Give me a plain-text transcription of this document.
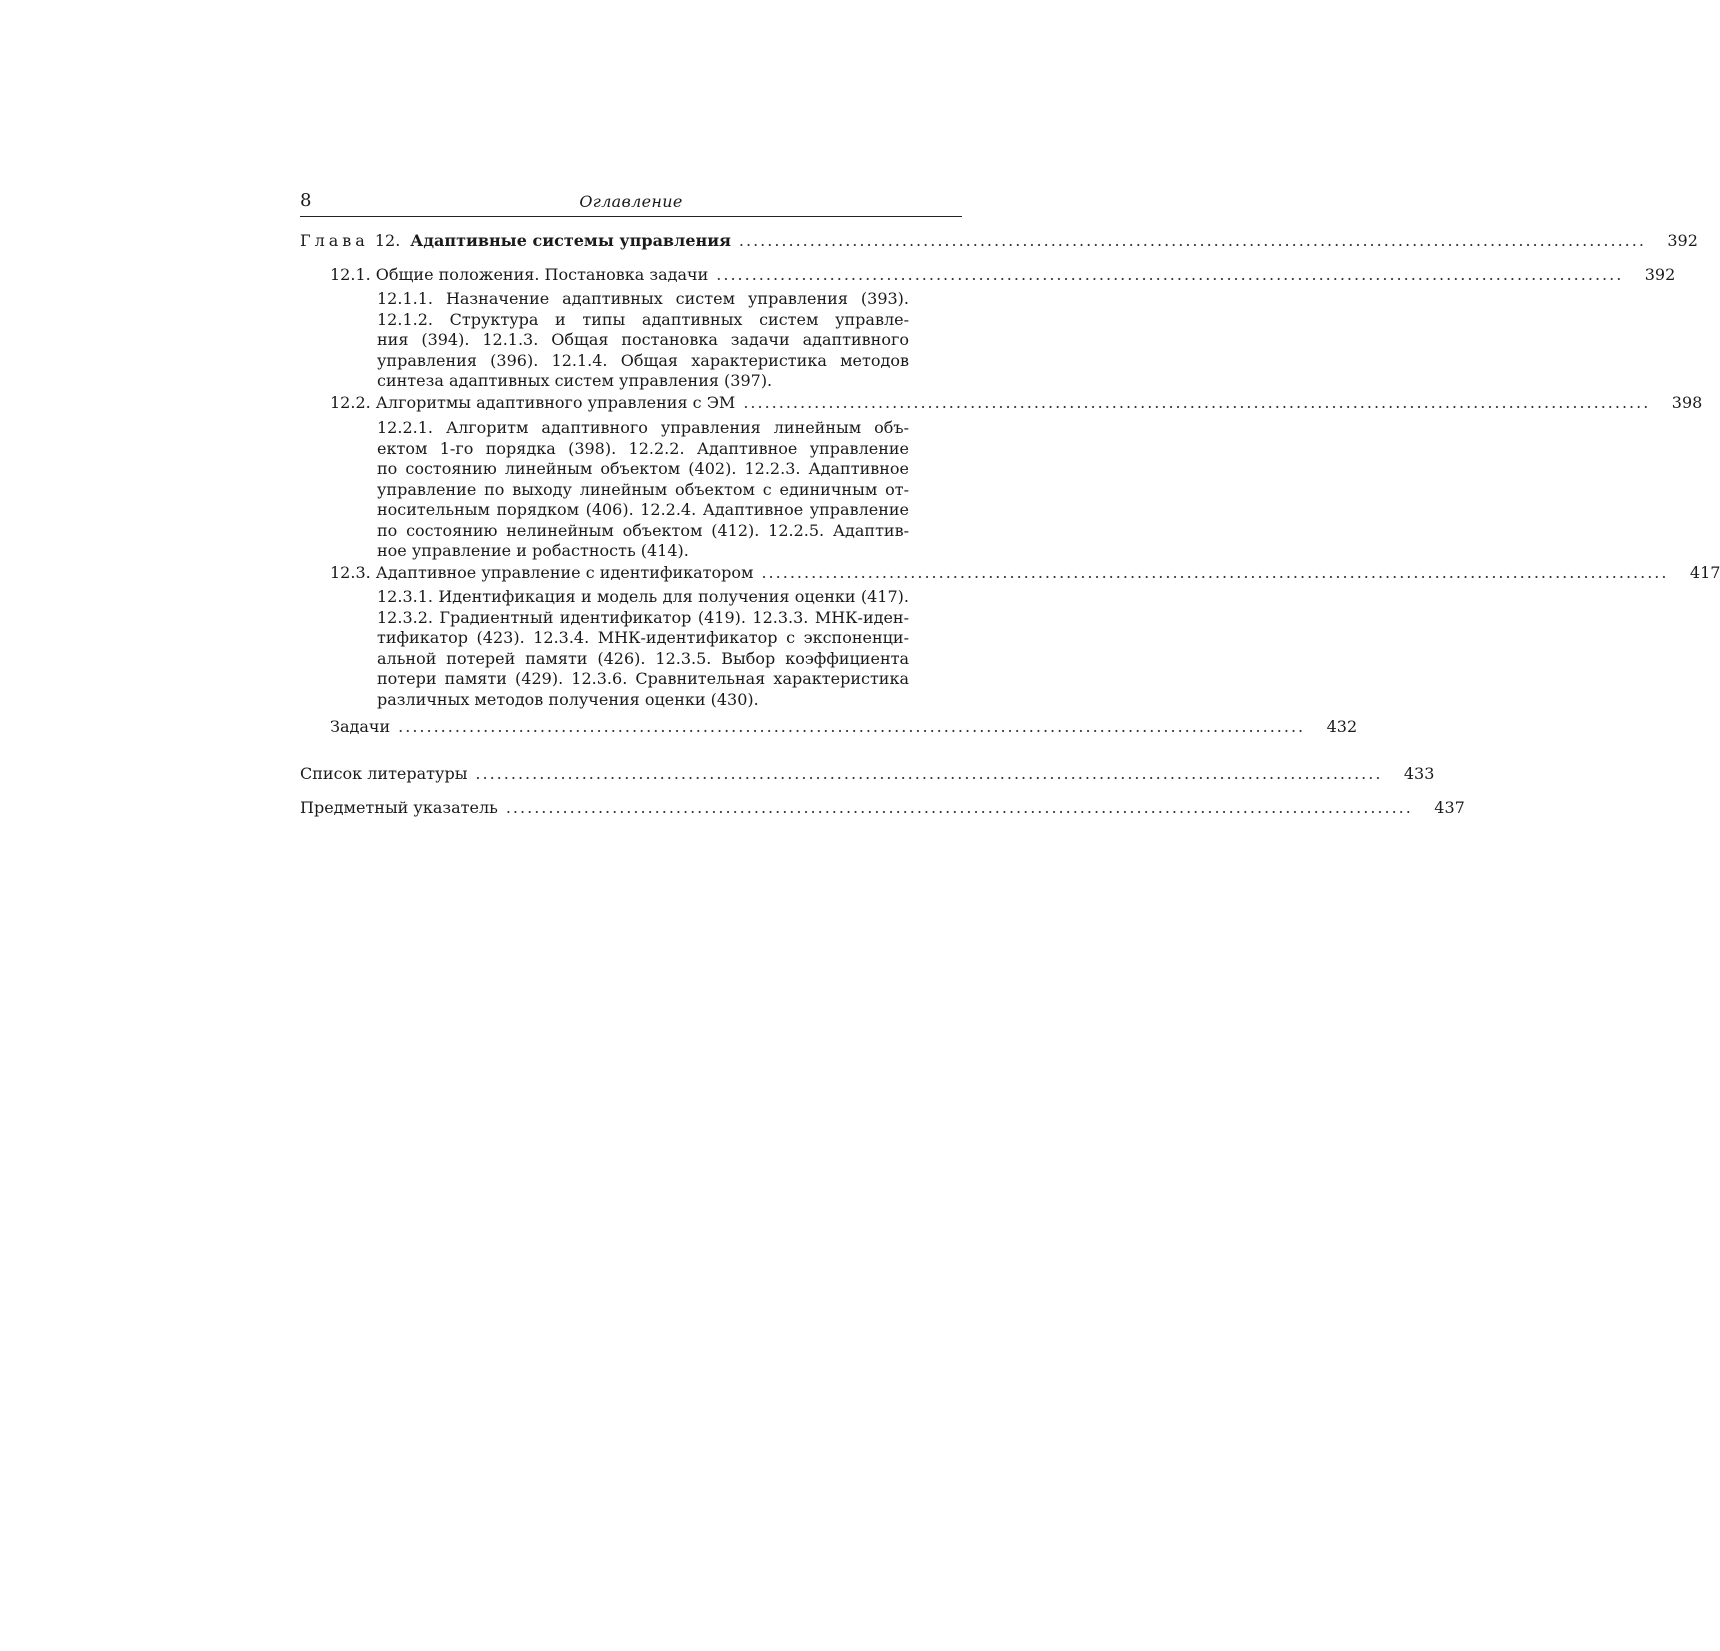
8	Оглавление
Глава 12. Адаптивные системы управления ................................................................................................................................	392
12.1. Общие положения. Постановка задачи ................................................................................................................................	392
12.1.1. Назначение адаптивных систем управления (393).
12.1.2. Структура и типы адаптивных систем управле-
ния (394). 12.1.3. Общая постановка задачи адаптивного
управления (396). 12.1.4. Общая характеристика методов
синтеза адаптивных систем управления (397).
12.2. Алгоритмы адаптивного управления с ЭМ ................................................................................................................................	398
12.2.1. Алгоритм адаптивного управления линейным объ-
ектом 1-го порядка (398). 12.2.2. Адаптивное управление
по состоянию линейным объектом (402). 12.2.3. Адаптивное
управление по выходу линейным объектом с единичным от-
носительным порядком (406). 12.2.4. Адаптивное управление
по состоянию нелинейным объектом (412). 12.2.5. Адаптив-
ное управление и робастность (414).
12.3. Адаптивное управление с идентификатором ................................................................................................................................	417
12.3.1. Идентификация и модель для получения оценки (417).
12.3.2. Градиентный идентификатор (419). 12.3.3. МНК-иден-
тификатор (423). 12.3.4. МНК-идентификатор с экспоненци-
альной потерей памяти (426). 12.3.5. Выбор коэффициента
потери памяти (429). 12.3.6. Сравнительная характеристика
различных методов получения оценки (430).
Задачи ................................................................................................................................	432
Список литературы ................................................................................................................................	433
Предметный указатель ................................................................................................................................	437
